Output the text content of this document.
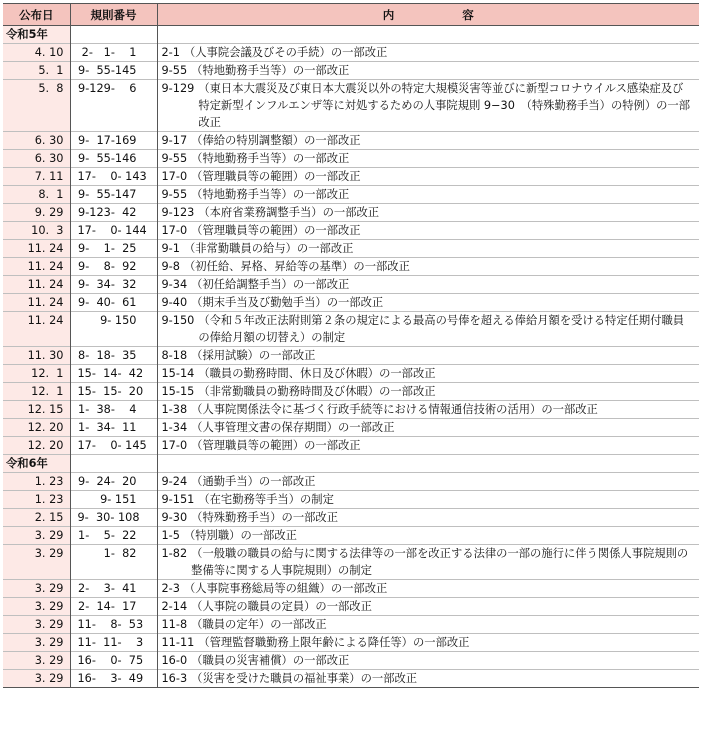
公布日	規則番号	内容
令和5年		
4. 10	2-   1-    1	2-1 （人事院会議及びその手続）の一部改正

5.  1	9-  55-145	9-55 （特地勤務手当等）の一部改正

5.  8	9-129-    6	9-129 （東日本大震災及び東日本大震災以外の特定大規模災害等並びに新型コロナウイルス感染症及び特定新型インフルエンザ等に対処するための人事院規則 9−30　（特殊勤務手当）の特例）の一部改正

6. 30	9-  17-169	9-17 （俸給の特別調整額）の一部改正

6. 30	9-  55-146	9-55 （特地勤務手当等）の一部改正

7. 11	17-    0- 143	17-0 （管理職員等の範囲）の一部改正

8.  1	9-  55-147	9-55 （特地勤務手当等）の一部改正

9. 29	9-123-  42	9-123 （本府省業務調整手当）の一部改正

10.  3	17-    0- 144	17-0 （管理職員等の範囲）の一部改正

11. 24	9-    1-  25	9-1 （非常勤職員の給与）の一部改正

11. 24	9-    8-  92	9-8 （初任給、昇格、昇給等の基準）の一部改正

11. 24	9-  34-  32	9-34 （初任給調整手当）の一部改正

11. 24	9-  40-  61	9-40 （期末手当及び勤勉手当）の一部改正

11. 24	9- 150	9-150 （令和５年改正法附則第２条の規定による最高の号俸を超える俸給月額を受ける特定任期付職員の俸給月額の切替え）の制定

11. 30	8-  18-  35	8-18 （採用試験）の一部改正

12.  1	15-  14-  42	15-14 （職員の勤務時間、休日及び休暇）の一部改正

12.  1	15-  15-  20	15-15 （非常勤職員の勤務時間及び休暇）の一部改正

12. 15	1-  38-    4	1-38 （人事院関係法令に基づく行政手続等における情報通信技術の活用）の一部改正

12. 20	1-  34-  11	1-34 （人事管理文書の保存期間）の一部改正

12. 20	17-    0- 145	17-0 （管理職員等の範囲）の一部改正

令和6年		
1. 23	9-  24-  20	9-24 （通勤手当）の一部改正

1. 23	9- 151	9-151 （在宅勤務等手当）の制定

2. 15	9-  30- 108	9-30 （特殊勤務手当）の一部改正

3. 29	1-    5-  22	1-5 （特別職）の一部改正

3. 29	1-  82	1-82 （一般職の職員の給与に関する法律等の一部を改正する法律の一部の施行に伴う関係人事院規則の整備等に関する人事院規則）の制定

3. 29	2-    3-  41	2-3 （人事院事務総局等の組織）の一部改正

3. 29	2-  14-  17	2-14 （人事院の職員の定員）の一部改正

3. 29	11-    8-  53	11-8 （職員の定年）の一部改正

3. 29	11-  11-    3	11-11 （管理監督職勤務上限年齢による降任等）の一部改正

3. 29	16-    0-  75	16-0 （職員の災害補償）の一部改正

3. 29	16-    3-  49	16-3 （災害を受けた職員の福祉事業）の一部改正
